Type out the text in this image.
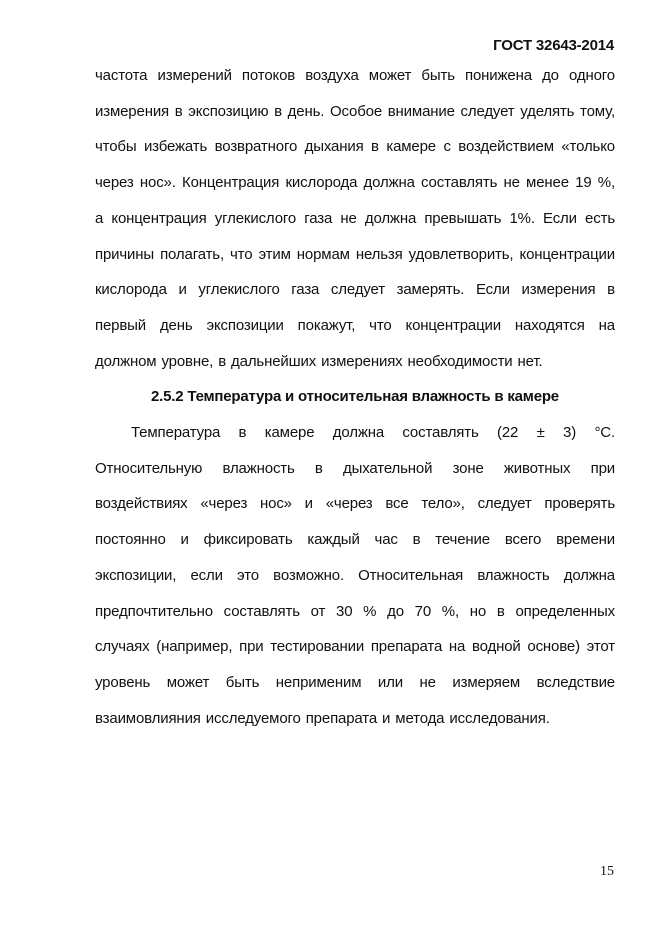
ГОСТ 32643-2014

частота измерений потоков воздуха может быть понижена до одного измерения в экспозицию в день. Особое внимание следует уделять тому, чтобы избежать возвратного дыхания в камере с воздействием «только через нос». Концентрация кислорода должна составлять не менее 19 %, а концентрация углекислого газа не должна превышать 1%. Если есть причины полагать, что этим нормам нельзя удовлетворить, концентрации кислорода и углекислого газа следует замерять. Если измерения в первый день экспозиции покажут, что концентрации находятся на должном уровне, в дальнейших измерениях необходимости нет.

2.5.2 Температура и относительная влажность в камере

Температура в камере должна составлять (22 ± 3) °С. Относительную влажность в дыхательной зоне животных при воздействиях «через нос» и «через все тело», следует проверять постоянно и фиксировать каждый час в течение всего времени экспозиции, если это возможно. Относительная влажность должна предпочтительно составлять от 30 % до 70 %, но в определенных случаях (например, при тестировании препарата на водной основе) этот уровень может быть неприменим или не измеряем вследствие взаимовлияния исследуемого препарата и метода исследования.

15
